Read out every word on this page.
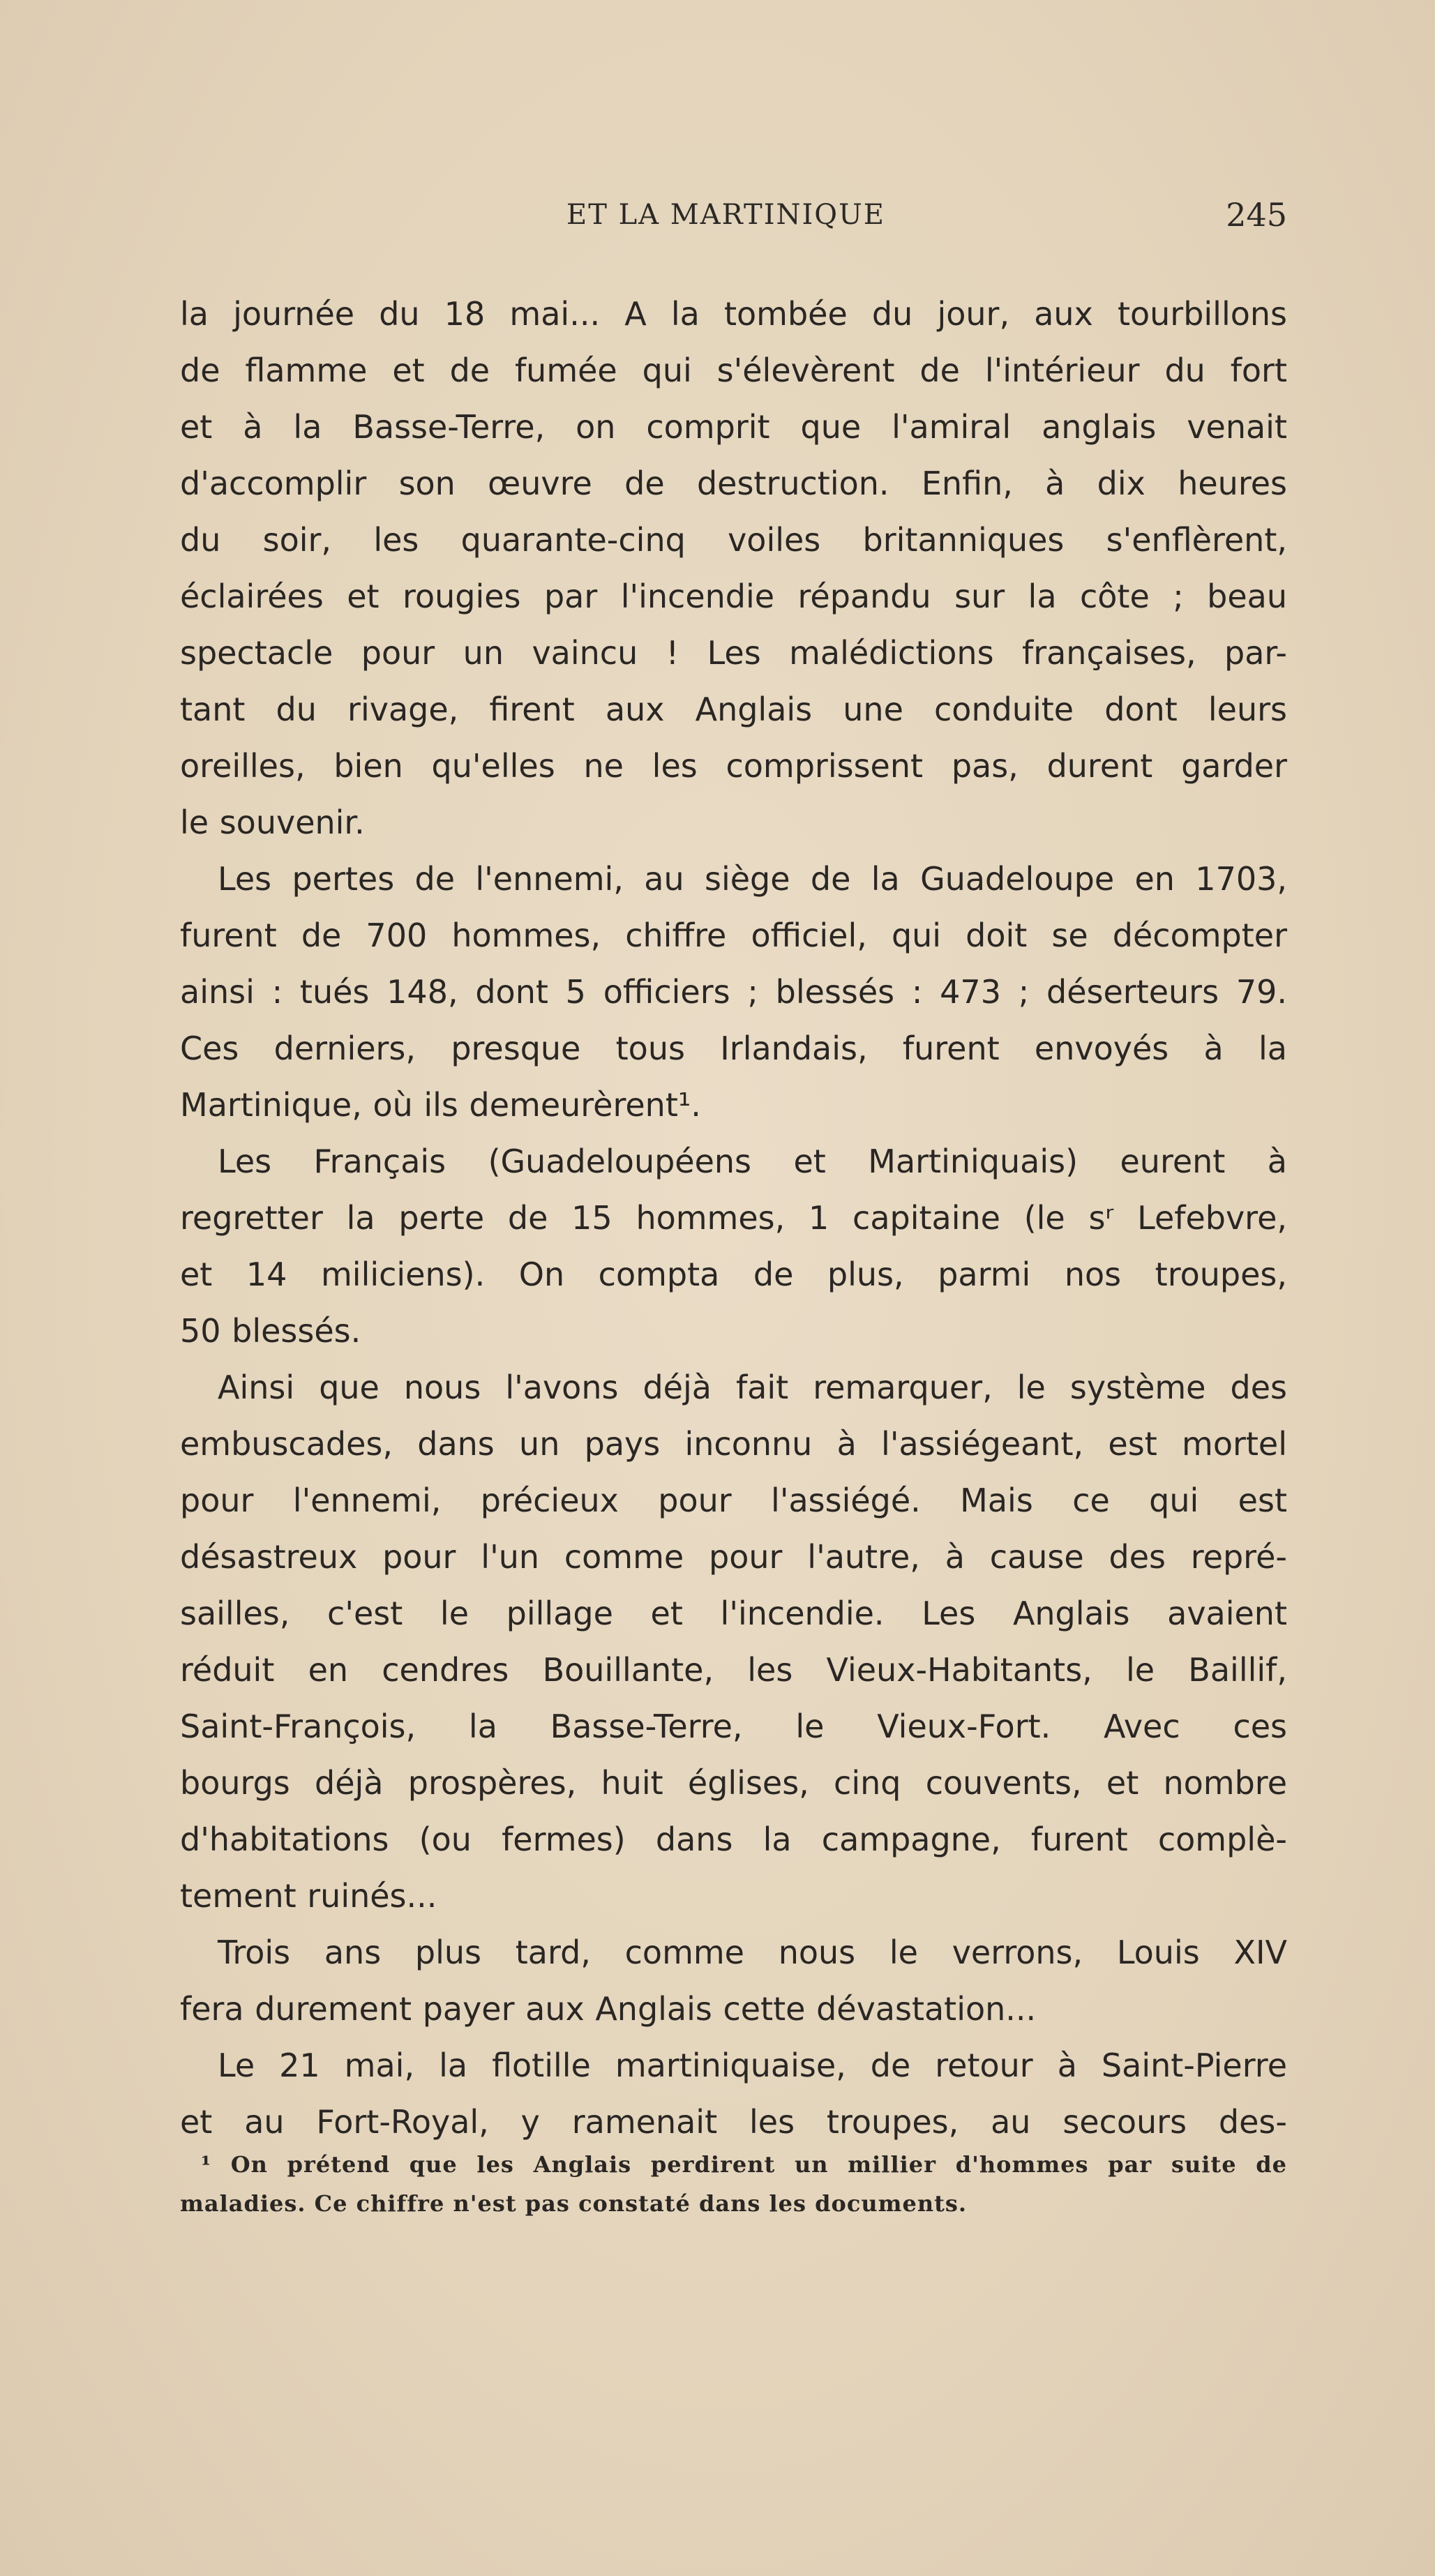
ET LA MARTINIQUE	245
la journée du 18 mai... A la tombée du jour, aux tourbillons
de flamme et de fumée qui s'élevèrent de l'intérieur du fort
et à la Basse-Terre, on comprit que l'amiral anglais venait
d'accomplir son œuvre de destruction. Enfin, à dix heures
du soir, les quarante-cinq voiles britanniques s'enflèrent,
éclairées et rougies par l'incendie répandu sur la côte ; beau
spectacle pour un vaincu ! Les malédictions françaises, par-
tant du rivage, firent aux Anglais une conduite dont leurs
oreilles, bien qu'elles ne les comprissent pas, durent garder
le souvenir.
Les pertes de l'ennemi, au siège de la Guadeloupe en 1703,
furent de 700 hommes, chiffre officiel, qui doit se décompter
ainsi : tués 148, dont 5 officiers ; blessés : 473 ; déserteurs 79.
Ces derniers, presque tous Irlandais, furent envoyés à la
Martinique, où ils demeurèrent¹.
Les Français (Guadeloupéens et Martiniquais) eurent à
regretter la perte de 15 hommes, 1 capitaine (le sʳ Lefebvre,
et 14 miliciens). On compta de plus, parmi nos troupes,
50 blessés.
Ainsi que nous l'avons déjà fait remarquer, le système des
embuscades, dans un pays inconnu à l'assiégeant, est mortel
pour l'ennemi, précieux pour l'assiégé. Mais ce qui est
désastreux pour l'un comme pour l'autre, à cause des repré-
sailles, c'est le pillage et l'incendie. Les Anglais avaient
réduit en cendres Bouillante, les Vieux-Habitants, le Baillif,
Saint-François, la Basse-Terre, le Vieux-Fort. Avec ces
bourgs déjà prospères, huit églises, cinq couvents, et nombre
d'habitations (ou fermes) dans la campagne, furent complè-
tement ruinés...
Trois ans plus tard, comme nous le verrons, Louis XIV
fera durement payer aux Anglais cette dévastation...
Le 21 mai, la flotille martiniquaise, de retour à Saint-Pierre
et au Fort-Royal, y ramenait les troupes, au secours des-
¹ On prétend que les Anglais perdirent un millier d'hommes par suite de
maladies. Ce chiffre n'est pas constaté dans les documents.
